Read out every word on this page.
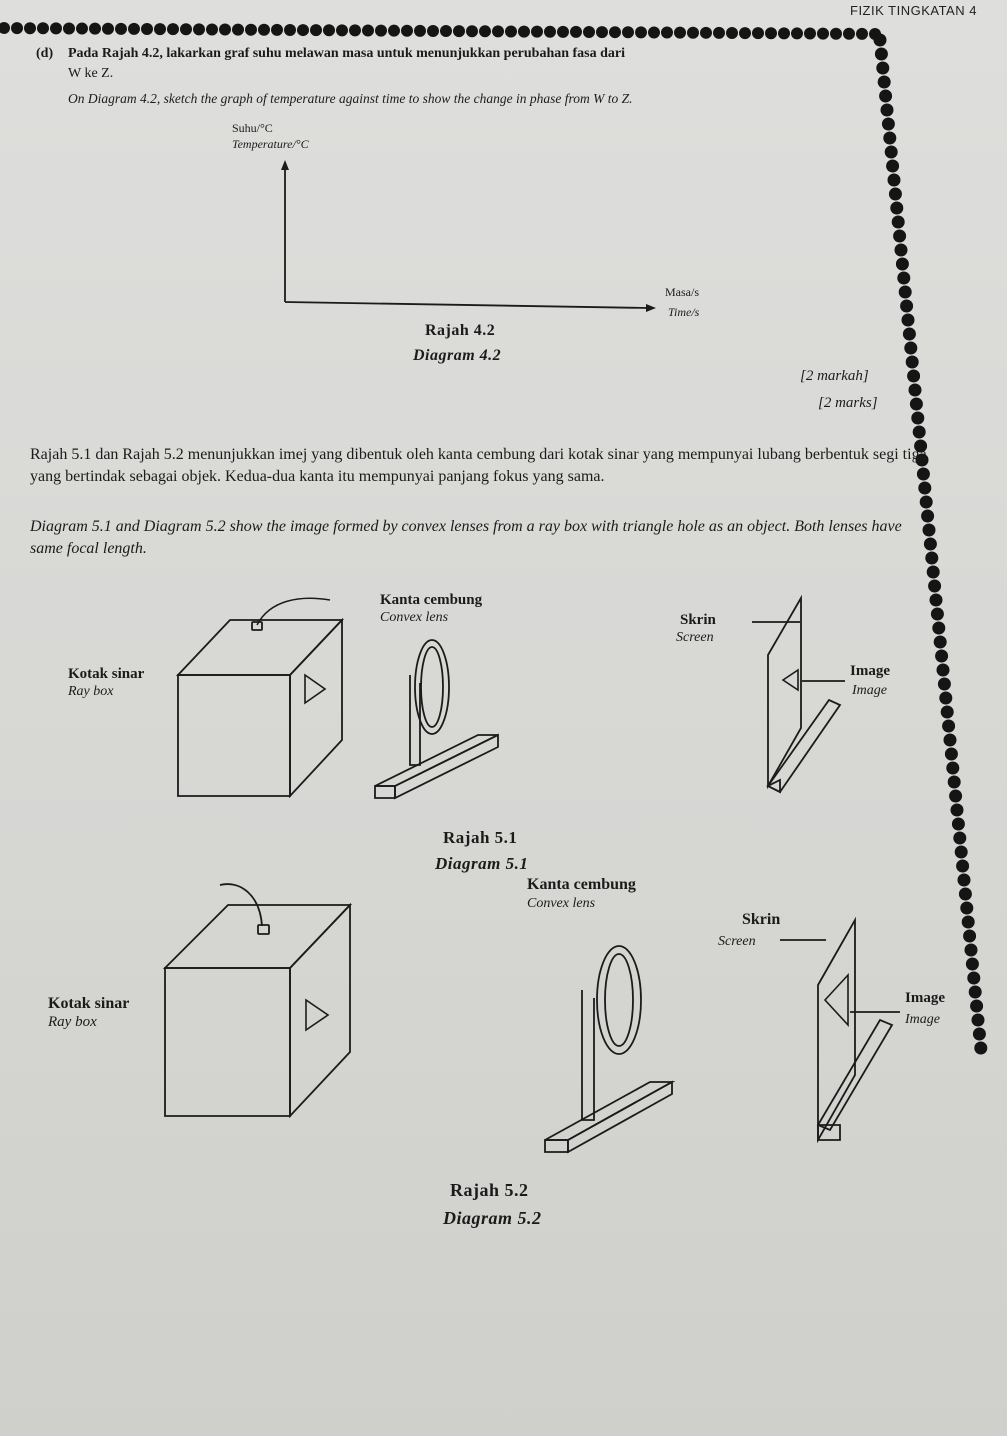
FIZIK TINGKATAN 4
(d) Pada Rajah 4.2, lakarkan graf suhu melawan masa untuk menunjukkan perubahan fasa dari
W ke Z.
On Diagram 4.2, sketch the graph of temperature against time to show the change in phase from W to Z.
Suhu/°C
Temperature/°C
Masa/s
Time/s
Rajah 4.2
Diagram 4.2
[2 markah]
[2 marks]
Rajah 5.1 dan Rajah 5.2 menunjukkan imej yang dibentuk oleh kanta cembung dari kotak sinar yang mempunyai lubang berbentuk segi tiga yang bertindak sebagai objek. Kedua-dua kanta itu mempunyai panjang fokus yang sama.
Diagram 5.1 and Diagram 5.2 show the image formed by convex lenses from a ray box with triangle hole as an object. Both lenses have same focal length.
Kanta cembung
Convex lens
Kotak sinar
Ray box
Skrin
Screen
Image
Image
Rajah 5.1
Diagram 5.1
Kanta cembung
Convex lens
Kotak sinar
Ray box
Skrin
Screen
Image
Image
Rajah 5.2
Diagram 5.2
